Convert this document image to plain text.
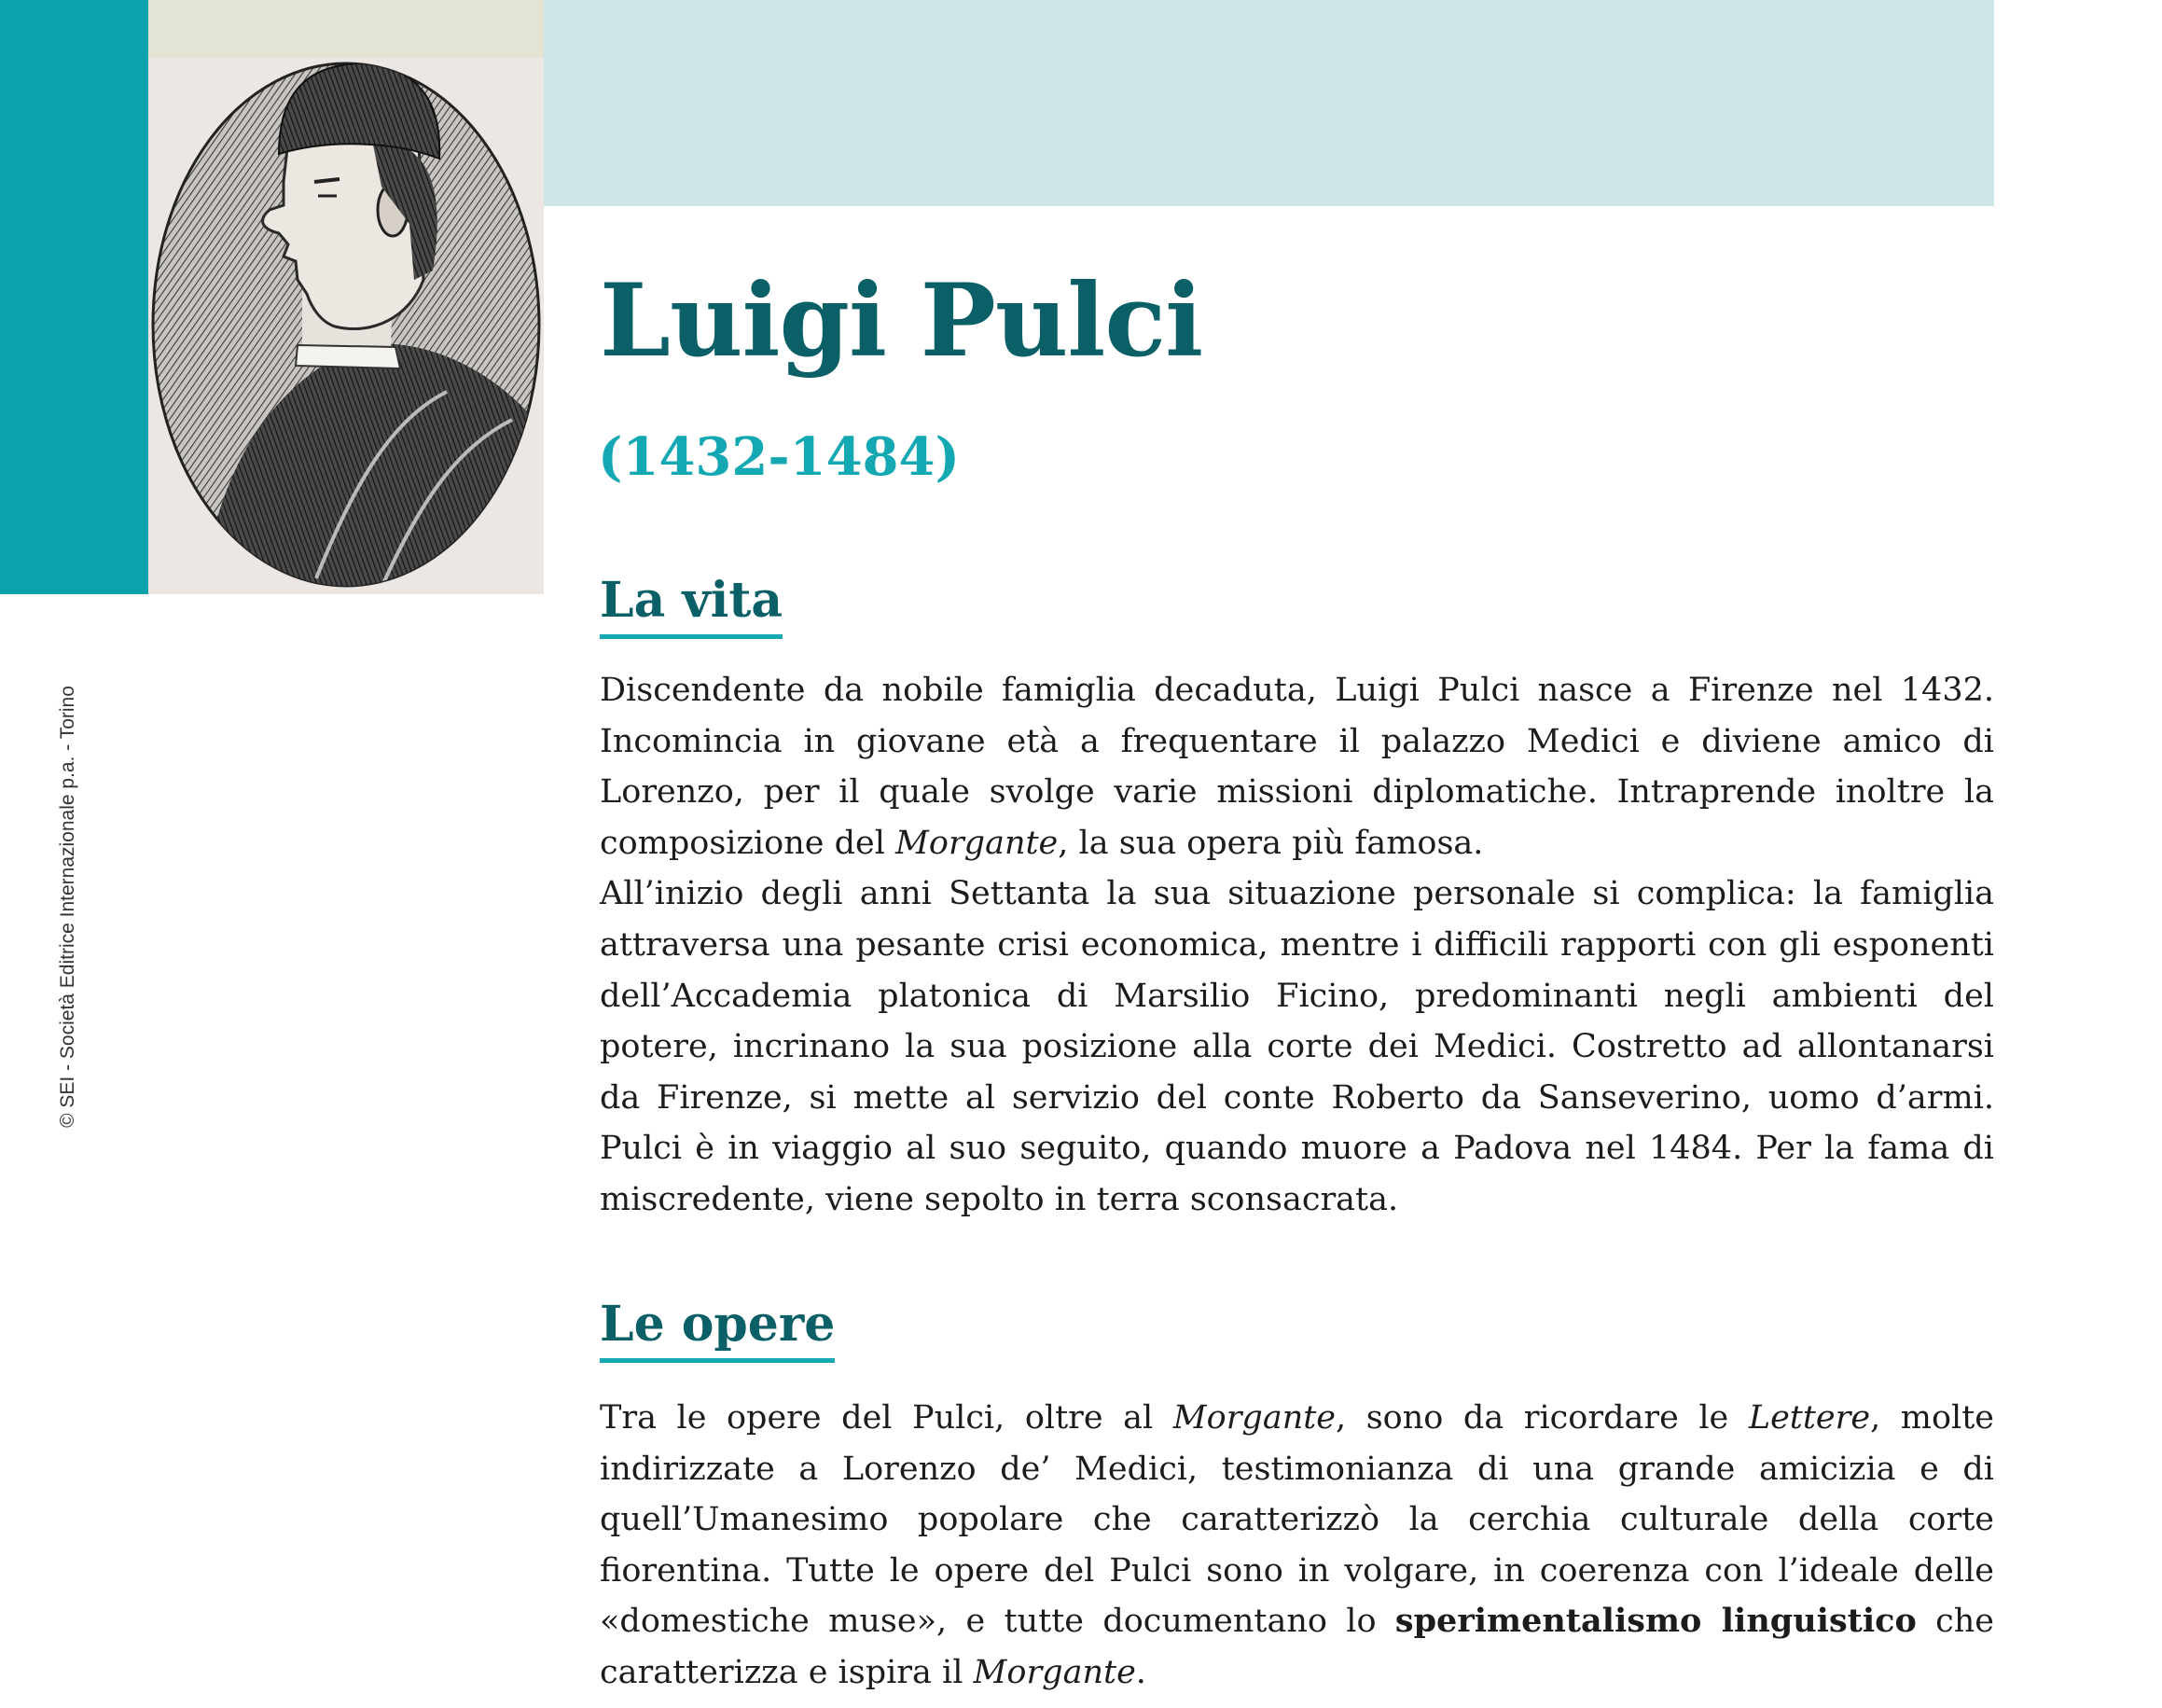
© SEI - Società Editrice Internazionale p.a. - Torino
Luigi Pulci
(1432-1484)
La vita

Discendente da nobile famiglia decaduta, Luigi Pulci nasce a Firenze nel 1432. Incomincia in giovane età a frequentare il palazzo Medici e diviene amico di Lorenzo, per il quale svolge varie missioni diplomatiche. Intraprende inoltre la composizione del Morgante, la sua opera più famosa.

All’inizio degli anni Settanta la sua situazione personale si complica: la famiglia attraversa una pesante crisi economica, mentre i difficili rapporti con gli esponenti dell’Accademia platonica di Marsilio Ficino, predominanti negli ambienti del potere, incrinano la sua posizione alla corte dei Medici. Costretto ad allontanarsi da Firenze, si mette al servizio del conte Roberto da Sanseverino, uomo d’armi. Pulci è in viaggio al suo seguito, quando muore a Padova nel 1484. Per la fama di miscredente, viene sepolto in terra sconsacrata.

Le opere

Tra le opere del Pulci, oltre al Morgante, sono da ricordare le Lettere, molte indirizzate a Lorenzo de’ Medici, testimonianza di una grande amicizia e di quell’Umanesimo popolare che caratterizzò la cerchia culturale della corte fiorentina. Tutte le opere del Pulci sono in volgare, in coerenza con l’ideale delle «domestiche muse», e tutte documentano lo sperimentalismo linguistico che caratterizza e ispira il Morgante.
